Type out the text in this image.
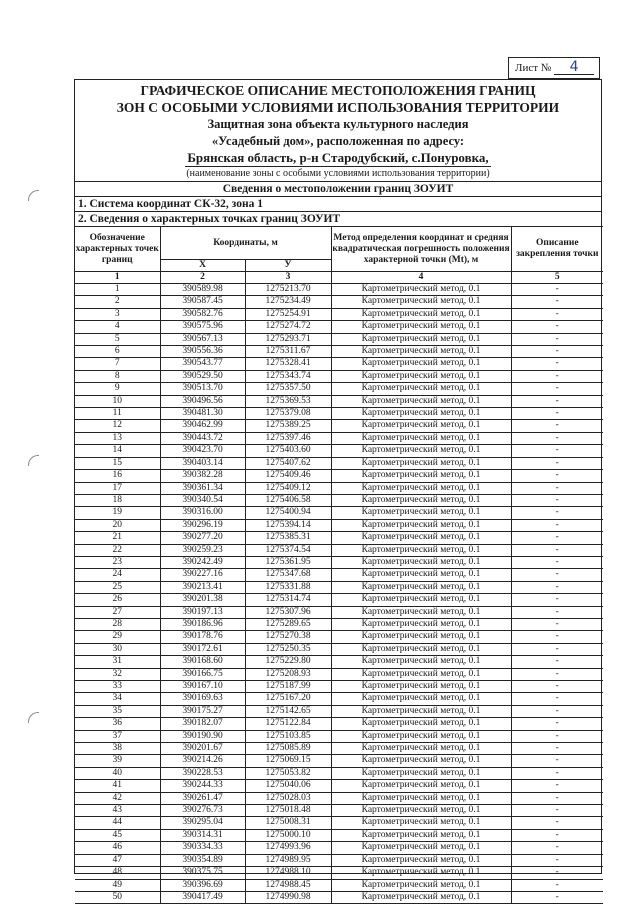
Лист № 4
ГРАФИЧЕСКОЕ ОПИСАНИЕ МЕСТОПОЛОЖЕНИЯ ГРАНИЦ
ЗОН С ОСОБЫМИ УСЛОВИЯМИ ИСПОЛЬЗОВАНИЯ ТЕРРИТОРИИ
Защитная зона объекта культурного наследия
«Усадебный дом», расположенная по адресу:
Брянская область, р-н Стародубский, с.Понуровка,
(наименование зоны с особыми условиями использования территории)
Сведения о местоположении границ ЗОУИТ
1. Система координат СК-32, зона 1
2. Сведения о характерных точках границ ЗОУИТ
Обозначение характерных точек границ	Координаты, м		Метод определения координат и средняя квадратическая погрешность положения характерной точки (Мt), м	Описание закрепления точки
	X	У		
1	2	3	4	5
1	390589.98	1275213.70	Картометрический метод, 0.1	-
2	390587.45	1275234.49	Картометрический метод, 0.1	-
3	390582.76	1275254.91	Картометрический метод, 0.1	-
4	390575.96	1275274.72	Картометрический метод, 0.1	-
5	390567.13	1275293.71	Картометрический метод, 0.1	-
6	390556.36	1275311.67	Картометрический метод, 0.1	-
7	390543.77	1275328.41	Картометрический метод, 0.1	-
8	390529.50	1275343.74	Картометрический метод, 0.1	-
9	390513.70	1275357.50	Картометрический метод, 0.1	-
10	390496.56	1275369.53	Картометрический метод, 0.1	-
11	390481.30	1275379.08	Картометрический метод, 0.1	-
12	390462.99	1275389.25	Картометрический метод, 0.1	-
13	390443.72	1275397.46	Картометрический метод, 0.1	-
14	390423.70	1275403.60	Картометрический метод, 0.1	-
15	390403.14	1275407.62	Картометрический метод, 0.1	-
16	390382.28	1275409.46	Картометрический метод, 0.1	-
17	390361.34	1275409.12	Картометрический метод, 0.1	-
18	390340.54	1275406.58	Картометрический метод, 0.1	-
19	390316.00	1275400.94	Картометрический метод, 0.1	-
20	390296.19	1275394.14	Картометрический метод, 0.1	-
21	390277.20	1275385.31	Картометрический метод, 0.1	-
22	390259.23	1275374.54	Картометрический метод, 0.1	-
23	390242.49	1275361.95	Картометрический метод, 0.1	-
24	390227.16	1275347.68	Картометрический метод, 0.1	-
25	390213.41	1275331.88	Картометрический метод, 0.1	-
26	390201.38	1275314.74	Картометрический метод, 0.1	-
27	390197.13	1275307.96	Картометрический метод, 0.1	-
28	390186.96	1275289.65	Картометрический метод, 0.1	-
29	390178.76	1275270.38	Картометрический метод, 0.1	-
30	390172.61	1275250.35	Картометрический метод, 0.1	-
31	390168.60	1275229.80	Картометрический метод, 0.1	-
32	390166.75	1275208.93	Картометрический метод, 0.1	-
33	390167.10	1275187.99	Картометрический метод, 0.1	-
34	390169.63	1275167.20	Картометрический метод, 0.1	-
35	390175.27	1275142.65	Картометрический метод, 0.1	-
36	390182.07	1275122.84	Картометрический метод, 0.1	-
37	390190.90	1275103.85	Картометрический метод, 0.1	-
38	390201.67	1275085.89	Картометрический метод, 0.1	-
39	390214.26	1275069.15	Картометрический метод, 0.1	-
40	390228.53	1275053.82	Картометрический метод, 0.1	-
41	390244.33	1275040.06	Картометрический метод, 0.1	-
42	390261.47	1275028.03	Картометрический метод, 0.1	-
43	390276.73	1275018.48	Картометрический метод, 0.1	-
44	390295.04	1275008.31	Картометрический метод, 0.1	-
45	390314.31	1275000.10	Картометрический метод, 0.1	-
46	390334.33	1274993.96	Картометрический метод, 0.1	-
47	390354.89	1274989.95	Картометрический метод, 0.1	-
48	390375.75	1274988.10	Картометрический метод, 0.1	-
49	390396.69	1274988.45	Картометрический метод, 0.1	-
50	390417.49	1274990.98	Картометрический метод, 0.1	-
